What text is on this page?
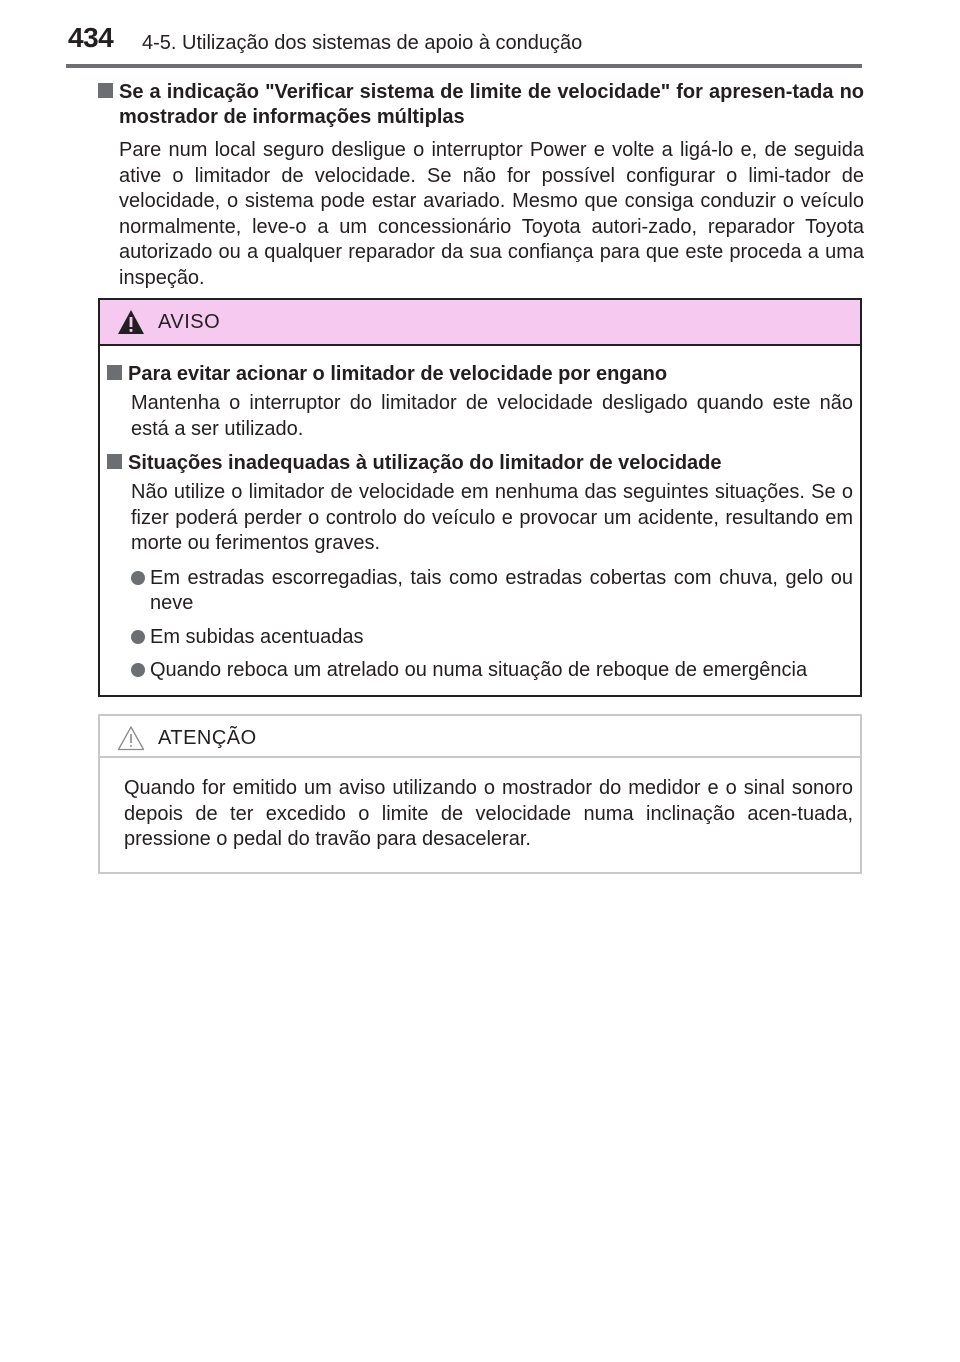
434 4-5. Utilização dos sistemas de apoio à condução
Se a indicação "Verificar sistema de limite de velocidade" for apresen-tada no mostrador de informações múltiplas
Pare num local seguro desligue o interruptor Power e volte a ligá-lo e, de seguida ative o limitador de velocidade. Se não for possível configurar o limi-tador de velocidade, o sistema pode estar avariado. Mesmo que consiga conduzir o veículo normalmente, leve-o a um concessionário Toyota autori-zado, reparador Toyota autorizado ou a qualquer reparador da sua confiança para que este proceda a uma inspeção.
AVISO
Para evitar acionar o limitador de velocidade por engano
Mantenha o interruptor do limitador de velocidade desligado quando este não está a ser utilizado.
Situações inadequadas à utilização do limitador de velocidade
Não utilize o limitador de velocidade em nenhuma das seguintes situações. Se o fizer poderá perder o controlo do veículo e provocar um acidente, resultando em morte ou ferimentos graves.
Em estradas escorregadias, tais como estradas cobertas com chuva, gelo ou neve
Em subidas acentuadas
Quando reboca um atrelado ou numa situação de reboque de emergência
ATENÇÃO
Quando for emitido um aviso utilizando o mostrador do medidor e o sinal sonoro depois de ter excedido o limite de velocidade numa inclinação acen-tuada, pressione o pedal do travão para desacelerar.
